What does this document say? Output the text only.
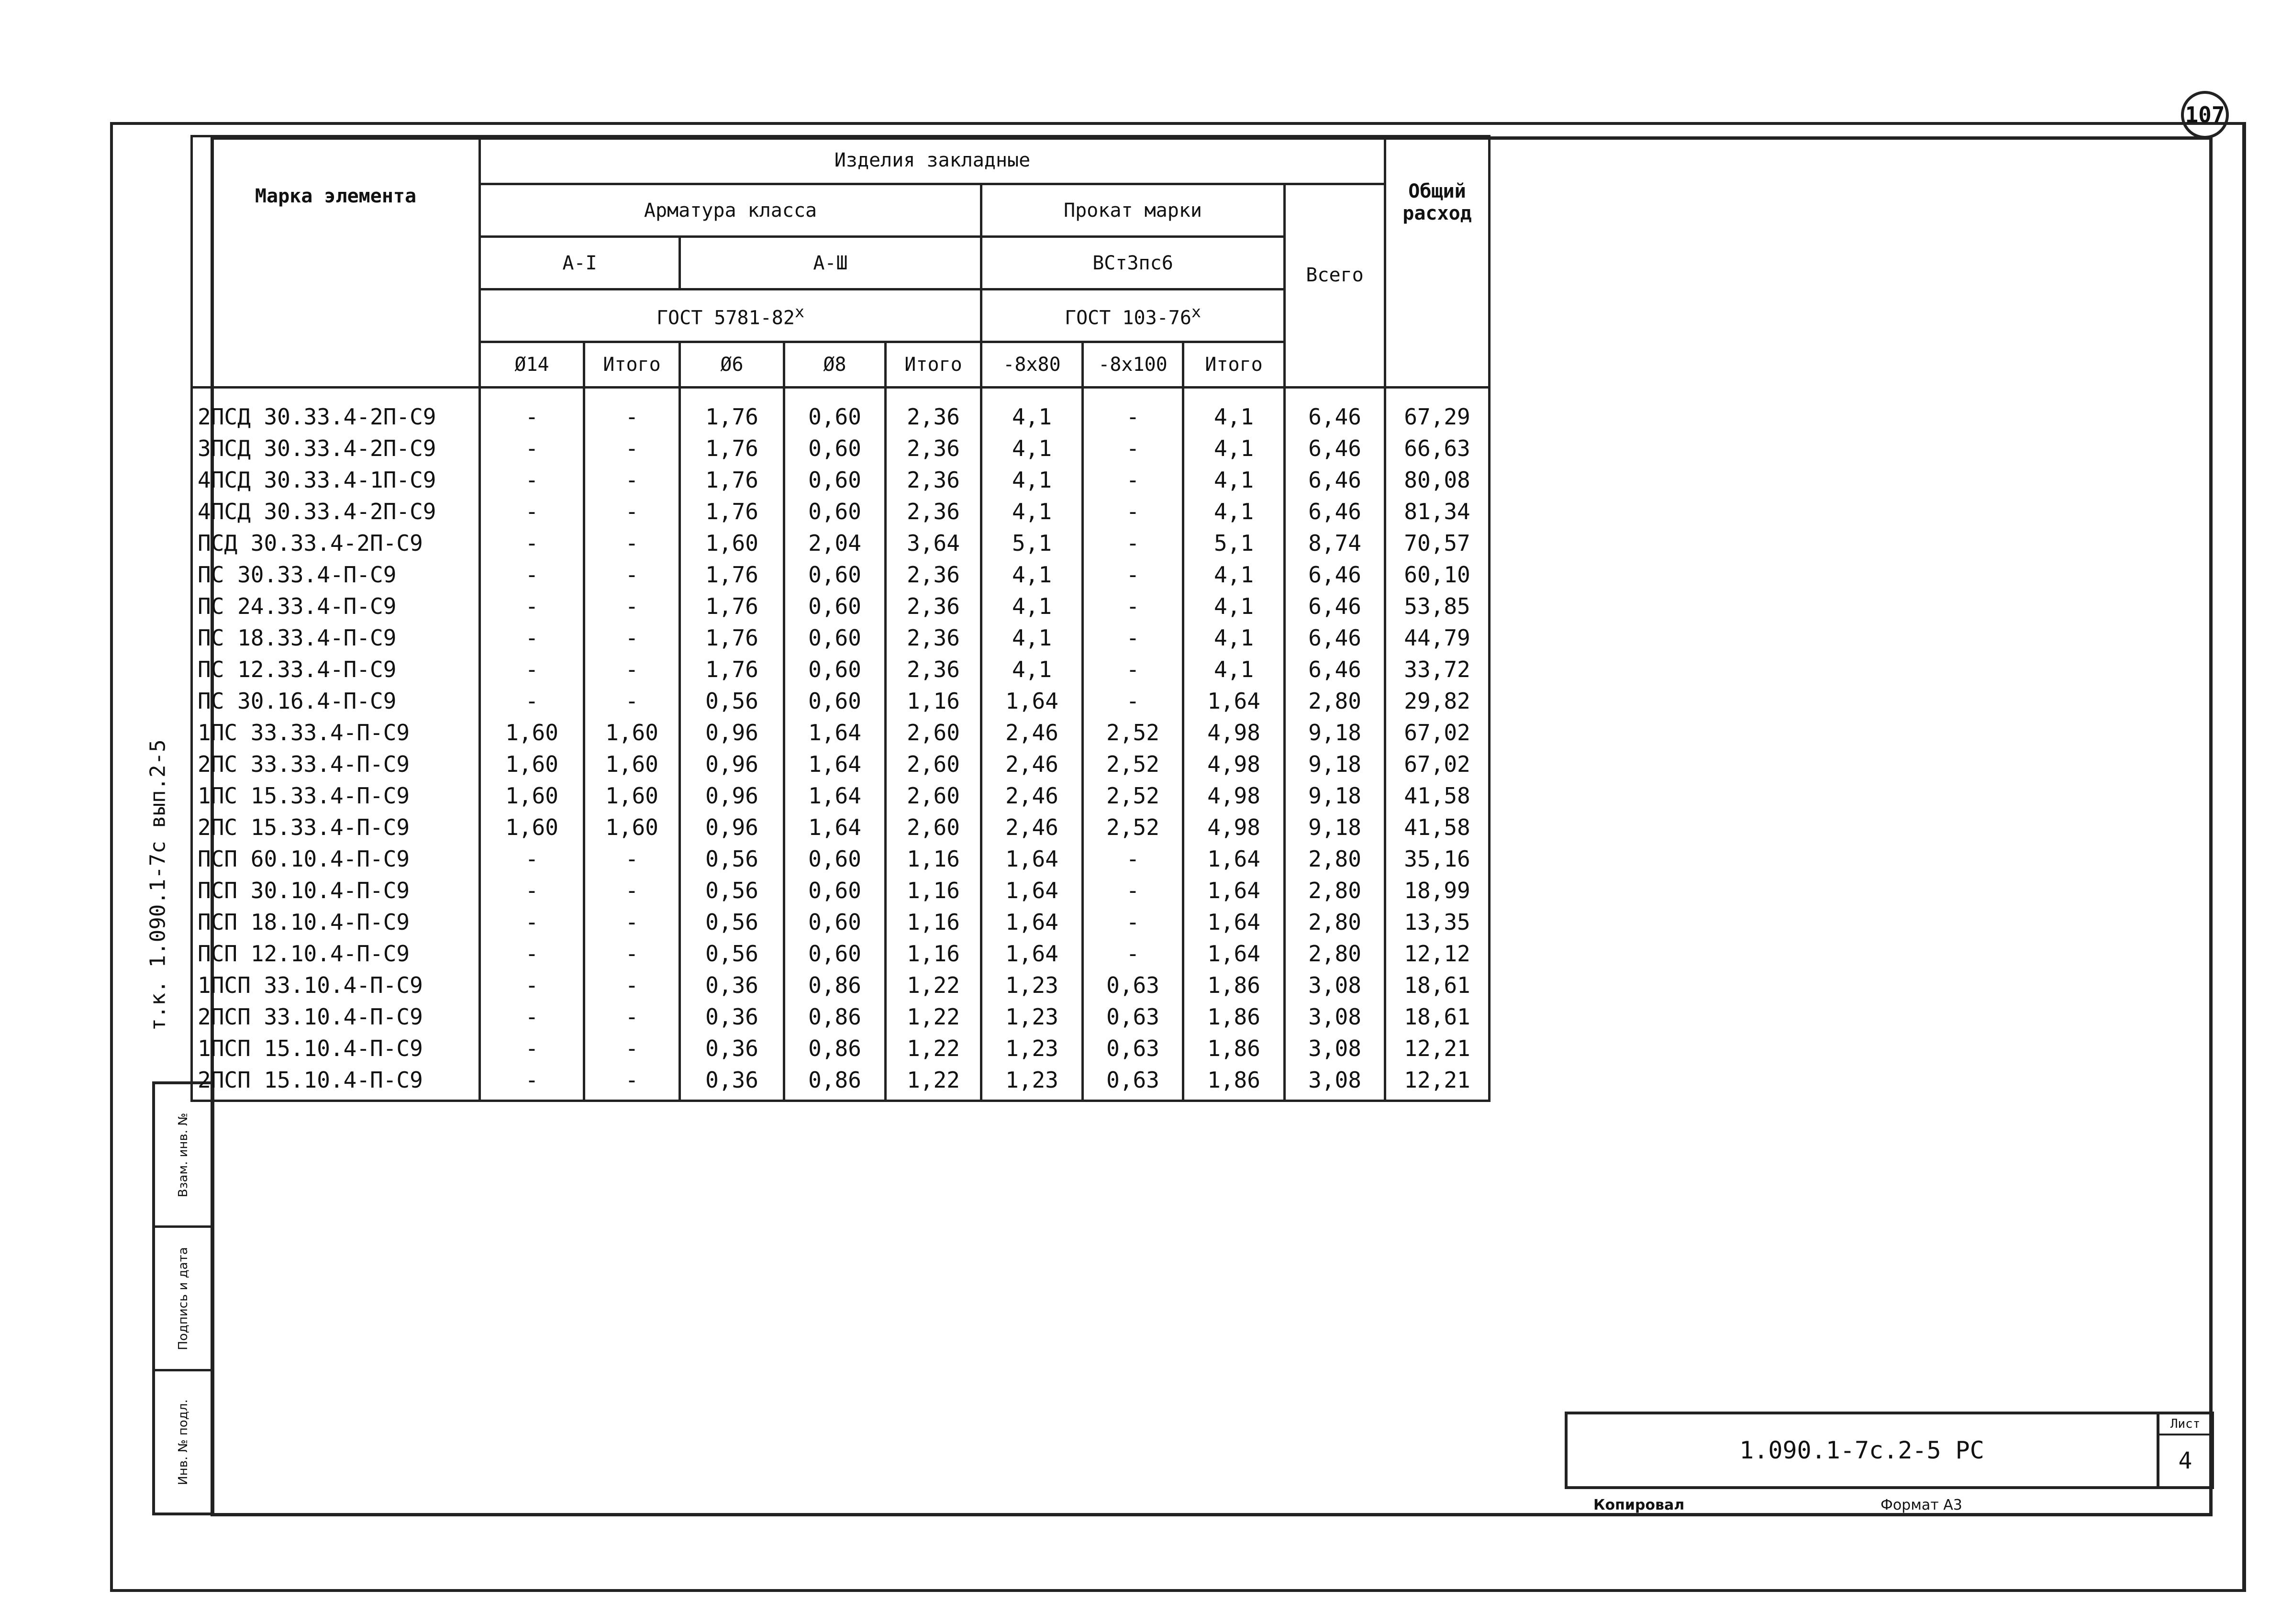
107
т.к. 1.090.1-7с вып.2-5
Взам. инв. №
Подпись и дата
Инв. № подл.
Марка элемента	Изделия закладные									Общий расход
	Арматура класса					Прокат марки			Всего	
	А-I		А-Ш			ВСт3пс6				
	ГОСТ $5781-82^х$					ГОСТ $103-76^х$
	Ø14	Итого	Ø6	Ø8	Итого	-8х80	-8х100	Итого		
2ПСД 30.33.4-2П-С9	-	-	1,76	0,60	2,36	4,1	-	4,1	6,46	67,29
3ПСД 30.33.4-2П-С9	-	-	1,76	0,60	2,36	4,1	-	4,1	6,46	66,63
4ПСД 30.33.4-1П-С9	-	-	1,76	0,60	2,36	4,1	-	4,1	6,46	80,08
4ПСД 30.33.4-2П-С9	-	-	1,76	0,60	2,36	4,1	-	4,1	6,46	81,34
ПСД 30.33.4-2П-С9	-	-	1,60	2,04	3,64	5,1	-	5,1	8,74	70,57
ПС 30.33.4-П-С9	-	-	1,76	0,60	2,36	4,1	-	4,1	6,46	60,10
ПС 24.33.4-П-С9	-	-	1,76	0,60	2,36	4,1	-	4,1	6,46	53,85
ПС 18.33.4-П-С9	-	-	1,76	0,60	2,36	4,1	-	4,1	6,46	44,79
ПС 12.33.4-П-С9	-	-	1,76	0,60	2,36	4,1	-	4,1	6,46	33,72
ПС 30.16.4-П-С9	-	-	0,56	0,60	1,16	1,64	-	1,64	2,80	29,82
1ПС 33.33.4-П-С9	1,60	1,60	0,96	1,64	2,60	2,46	2,52	4,98	9,18	67,02
2ПС 33.33.4-П-С9	1,60	1,60	0,96	1,64	2,60	2,46	2,52	4,98	9,18	67,02
1ПС 15.33.4-П-С9	1,60	1,60	0,96	1,64	2,60	2,46	2,52	4,98	9,18	41,58
2ПС 15.33.4-П-С9	1,60	1,60	0,96	1,64	2,60	2,46	2,52	4,98	9,18	41,58
ПСП 60.10.4-П-С9	-	-	0,56	0,60	1,16	1,64	-	1,64	2,80	35,16
ПСП 30.10.4-П-С9	-	-	0,56	0,60	1,16	1,64	-	1,64	2,80	18,99
ПСП 18.10.4-П-С9	-	-	0,56	0,60	1,16	1,64	-	1,64	2,80	13,35
ПСП 12.10.4-П-С9	-	-	0,56	0,60	1,16	1,64	-	1,64	2,80	12,12
1ПСП 33.10.4-П-С9	-	-	0,36	0,86	1,22	1,23	0,63	1,86	3,08	18,61
2ПСП 33.10.4-П-С9	-	-	0,36	0,86	1,22	1,23	0,63	1,86	3,08	18,61
1ПСП 15.10.4-П-С9	-	-	0,36	0,86	1,22	1,23	0,63	1,86	3,08	12,21
2ПСП 15.10.4-П-С9	-	-	0,36	0,86	1,22	1,23	0,63	1,86	3,08	12,21
1.090.1-7с.2-5 РС
Лист
4
Копировал	Формат А3
